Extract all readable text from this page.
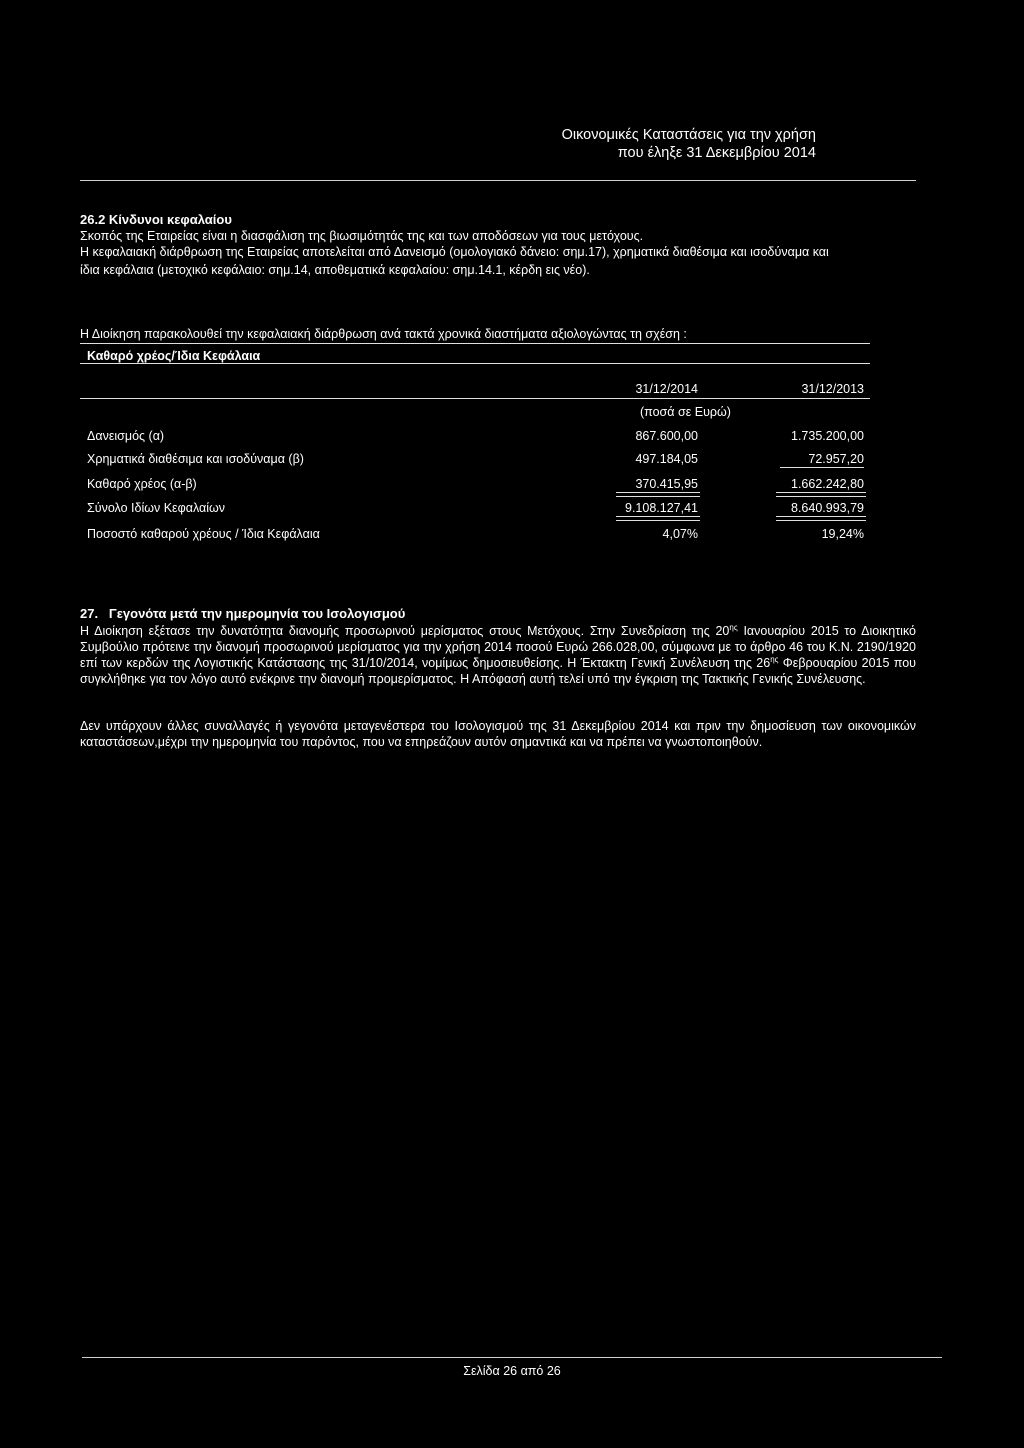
Οικονομικές Καταστάσεις για την χρήση
που έληξε 31 Δεκεμβρίου 2014
26.2 Κίνδυνοι κεφαλαίου
Σκοπός της Εταιρείας είναι η διασφάλιση της βιωσιμότητάς της και των αποδόσεων για τους μετόχους.
Η κεφαλαιακή διάρθρωση της Εταιρείας αποτελείται από Δανεισμό (ομολογιακό δάνειο: σημ.17), χρηματικά διαθέσιμα και ισοδύναμα και
ίδια κεφάλαια (μετοχικό κεφάλαιο: σημ.14, αποθεματικά κεφαλαίου: σημ.14.1, κέρδη εις νέο).
Η Διοίκηση παρακολουθεί την κεφαλαιακή διάρθρωση ανά τακτά χρονικά διαστήματα αξιολογώντας τη σχέση :
Καθαρό χρέος/Ίδια Κεφάλαια
31/12/2014	31/12/2013
(ποσά σε Ευρώ)
Δανεισμός (α)	867.600,00	1.735.200,00
Χρηματικά διαθέσιμα και ισοδύναμα (β)	497.184,05	72.957,20
Καθαρό χρέος (α-β)	370.415,95	1.662.242,80
Σύνολο Ιδίων Κεφαλαίων	9.108.127,41	8.640.993,79
Ποσοστό καθαρού χρέους / Ίδια Κεφάλαια	4,07%	19,24%
27. Γεγονότα μετά την ημερομηνία του Ισολογισμού
Η Διοίκηση εξέτασε την δυνατότητα διανομής προσωρινού μερίσματος στους Μετόχους. Στην Συνεδρίαση της $20^{\eta\varsigma}$ Ιανουαρίου 2015 το Διοικητικό Συμβούλιο πρότεινε την διανομή προσωρινού μερίσματος για την χρήση 2014 ποσού Ευρώ 266.028,00, σύμφωνα με το άρθρο 46 του Κ.Ν. 2190/1920 επί των κερδών της Λογιστικής Κατάστασης της 31/10/2014, νομίμως δημοσιευθείσης. Η Έκτακτη Γενική Συνέλευση της $26^{\eta\varsigma}$ Φεβρουαρίου 2015 που συγκλήθηκε για τον λόγο αυτό ενέκρινε την διανομή προμερίσματος. Η Απόφασή αυτή τελεί υπό την έγκριση της Τακτικής Γενικής Συνέλευσης.
Δεν υπάρχουν άλλες συναλλαγές ή γεγονότα μεταγενέστερα του Ισολογισμού της 31 Δεκεμβρίου 2014 και πριν την δημοσίευση των οικονομικών καταστάσεων,μέχρι την ημερομηνία του παρόντος, που να επηρεάζουν αυτόν σημαντικά και να πρέπει να γνωστοποιηθούν.
Σελίδα 26 από 26
